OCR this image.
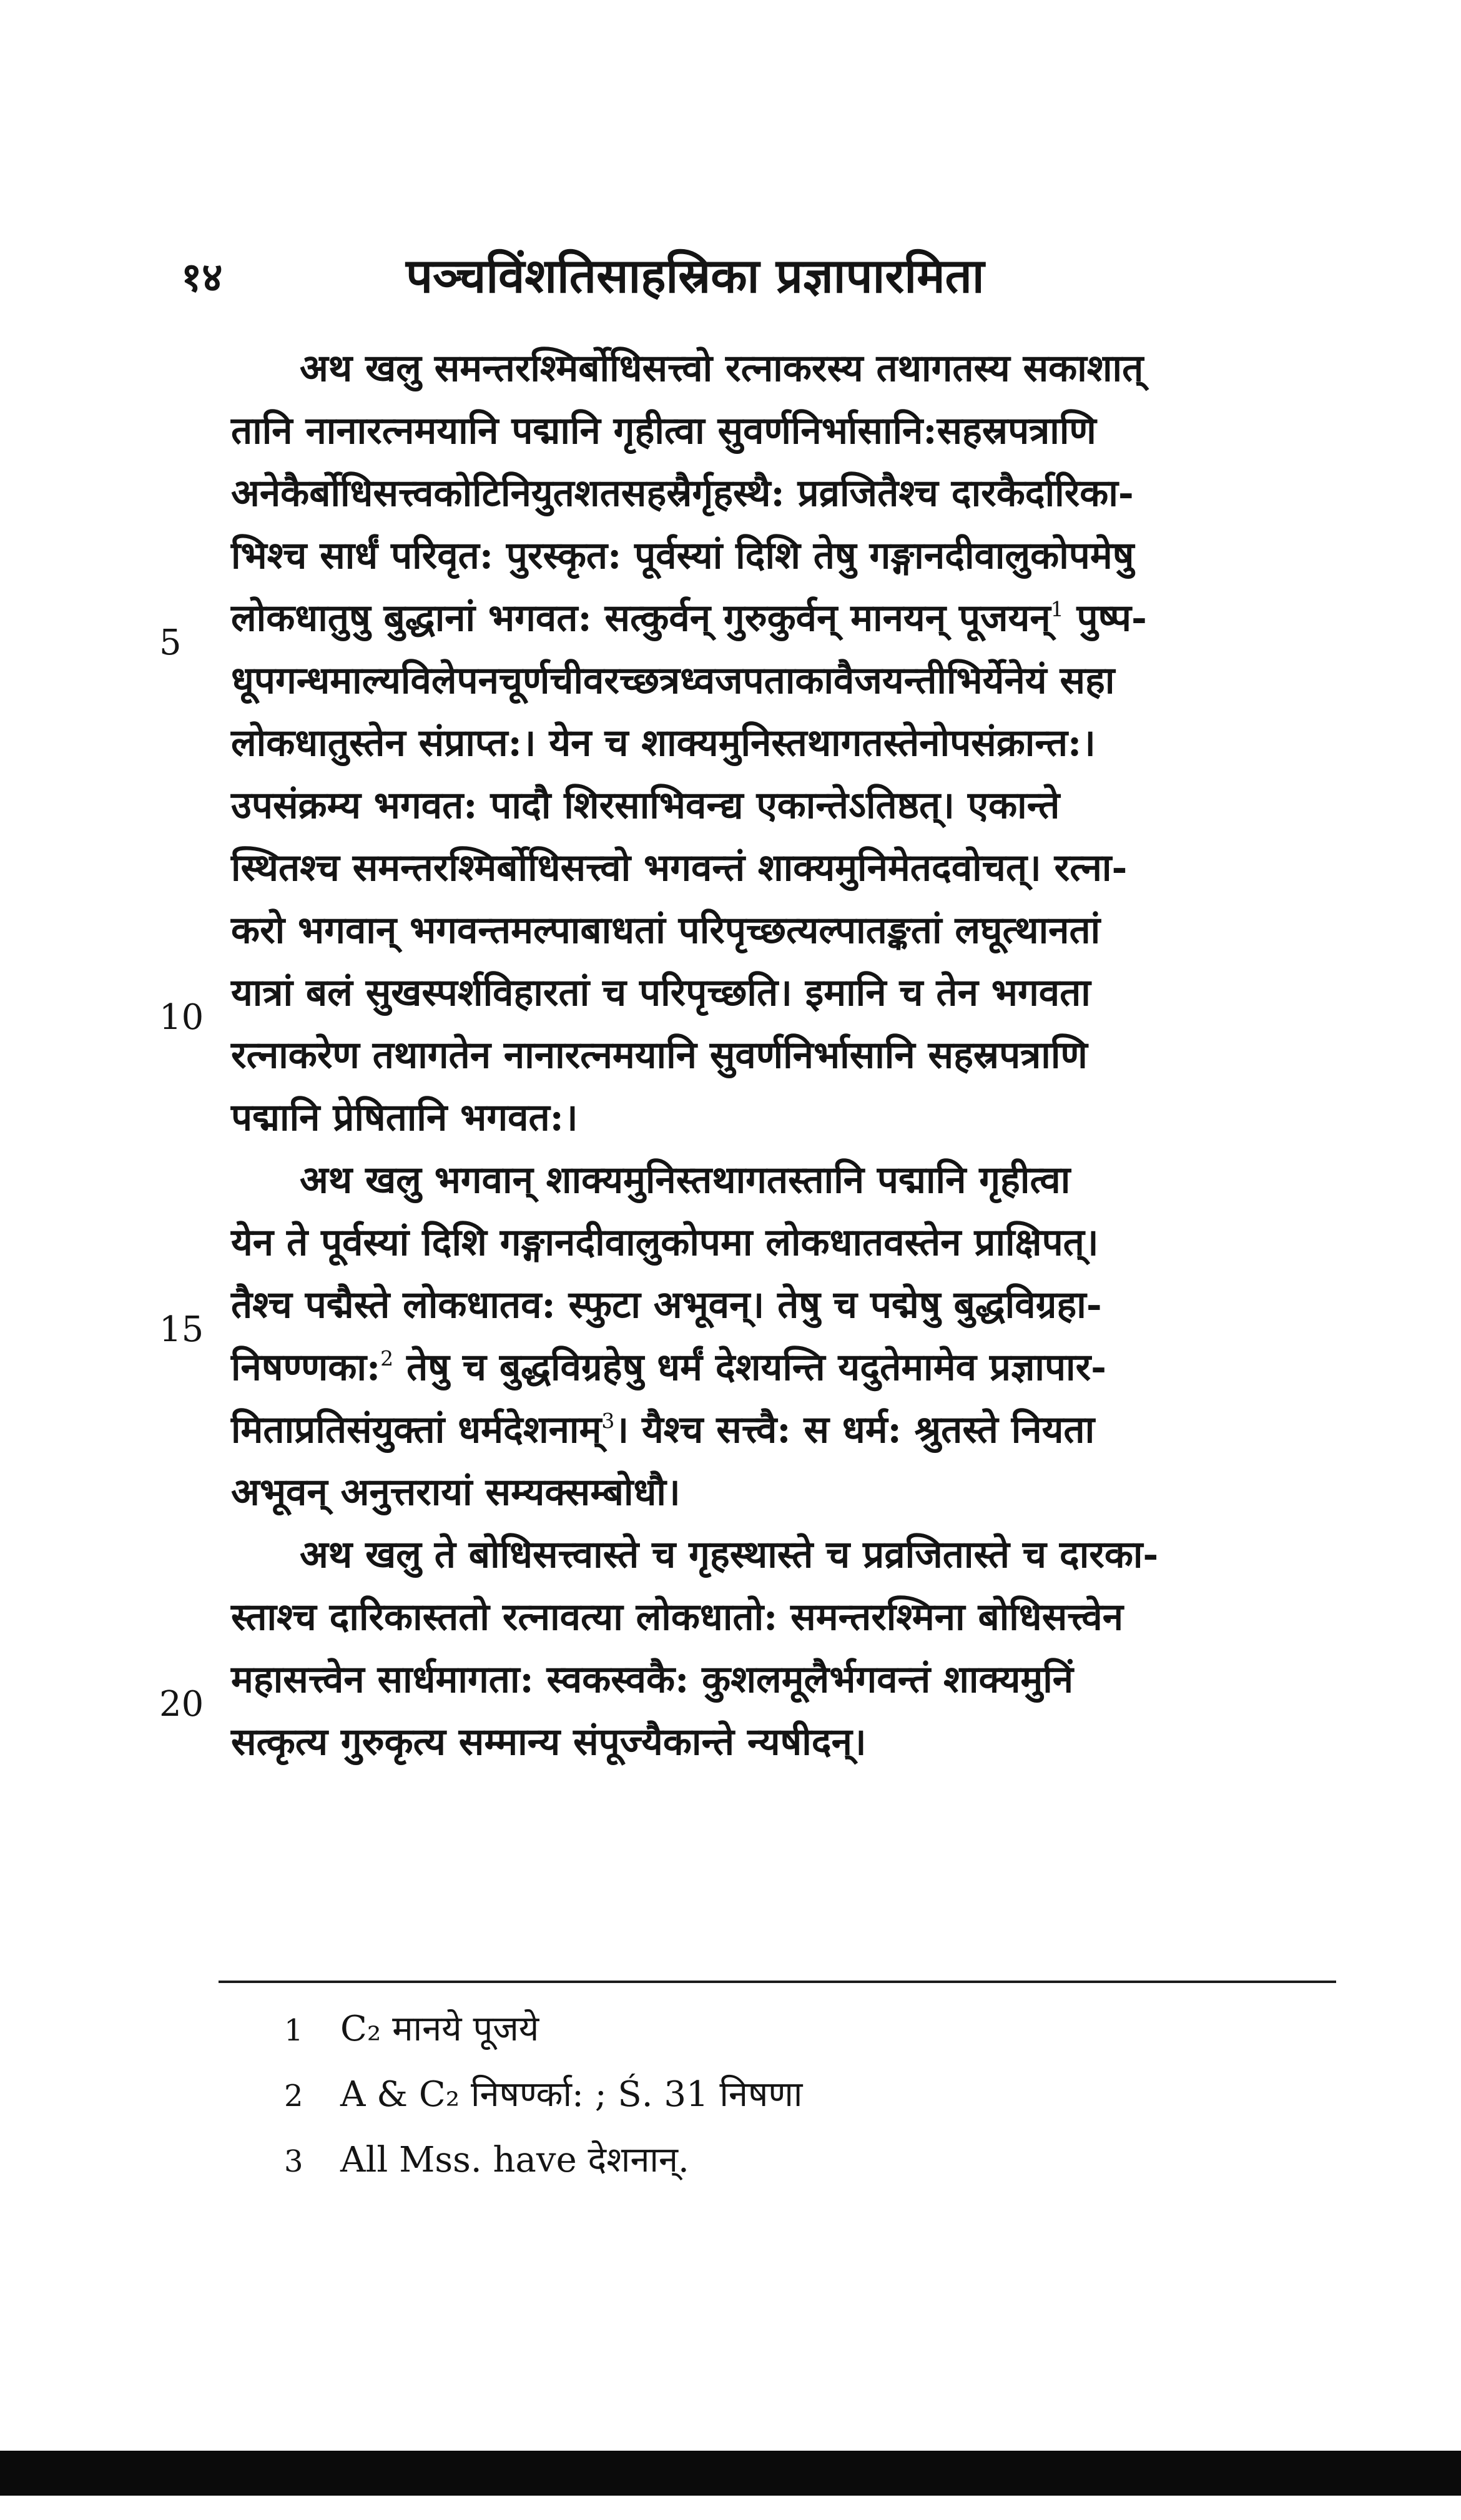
१४	पञ्चविंशतिसाहस्रिका प्रज्ञापारमिता
5
10
15
20
अथ खलु समन्तरश्मिर्बोधिसत्त्वो रत्नाकरस्य तथागतस्य सकाशात्
तानि नानारत्नमयानि पद्मानि गृहीत्वा सुवर्णनिर्भासानि:सहस्रपत्राणि
अनेकैर्बोधिसत्त्वकोटिनियुतशतसहस्रैर्गृहस्थै: प्रव्रजितैश्च दारकैर्दारिका-
भिश्च सार्धं परिवृत: पुरस्कृत: पूर्वस्यां दिशि तेषु गङ्गानदीवालुकोपमेषु
लोकधातुषु बुद्धानां भगवत: सत्कुर्वन् गुरुकुर्वन् मानयन् पूजयन्$^1$ पुष्प-
धूपगन्धमाल्यविलेपनचूर्णचीवरच्छत्रध्वजपताकावैजयन्तीभिर्येनेयं सहा
लोकधातुस्तेन संप्राप्त:। येन च शाक्यमुनिस्तथागतस्तेनोपसंक्रान्त:।
उपसंक्रम्य भगवत: पादौ शिरसाभिवन्द्य एकान्तेऽतिष्ठत्। एकान्ते
स्थितश्च समन्तरश्मिर्बोधिसत्त्वो भगवन्तं शाक्यमुनिमेतदवोचत्। रत्ना-
करो भगवान् भगवन्तमल्पाबाधतां परिपृच्छत्यल्पातङ्कतां लघूत्थानतां
यात्रां बलं सुखस्पर्शविहारतां च परिपृच्छति। इमानि च तेन भगवता
रत्नाकरेण तथागतेन नानारत्नमयानि सुवर्णनिर्भासानि सहस्रपत्राणि
पद्मानि प्रेषितानि भगवत:।
अथ खलु भगवान् शाक्यमुनिस्तथागतस्तानि पद्मानि गृहीत्वा
येन ते पूर्वस्यां दिशि गङ्गानदीवालुकोपमा लोकधातवस्तेन प्राक्षिपत्।
तैश्च पद्मैस्ते लोकधातव: स्फुटा अभूवन्। तेषु च पद्मेषु बुद्धविग्रहा-
निषण्णका:$^2$ तेषु च बुद्धविग्रहेषु धर्मं देशयन्ति यदुतेमामेव प्रज्ञापार-
मिताप्रतिसंयुक्तां धर्मदेशनाम्$^3$। यैश्च सत्त्वै: स धर्म: श्रुतस्ते नियता
अभूवन् अनुत्तरायां सम्यक्सम्बोधौ।
अथ खलु ते बोधिसत्त्वास्ते च गृहस्थास्ते च प्रव्रजितास्ते च दारका-
स्ताश्च दारिकास्ततो रत्नावत्या लोकधातो: समन्तरश्मिना बोधिसत्त्वेन
महासत्त्वेन सार्धमागता: स्वकस्वकै: कुशलमूलैर्भगवन्तं शाक्यमुनिं
सत्कृत्य गुरुकृत्य सम्मान्य संपूज्यैकान्ते न्यषीदन्।
1 C₂ मानये पूजये
2 A & C₂ निषर्ण्का: ; Ś. 31 निषणा
3 All Mss. have देशनान्.
